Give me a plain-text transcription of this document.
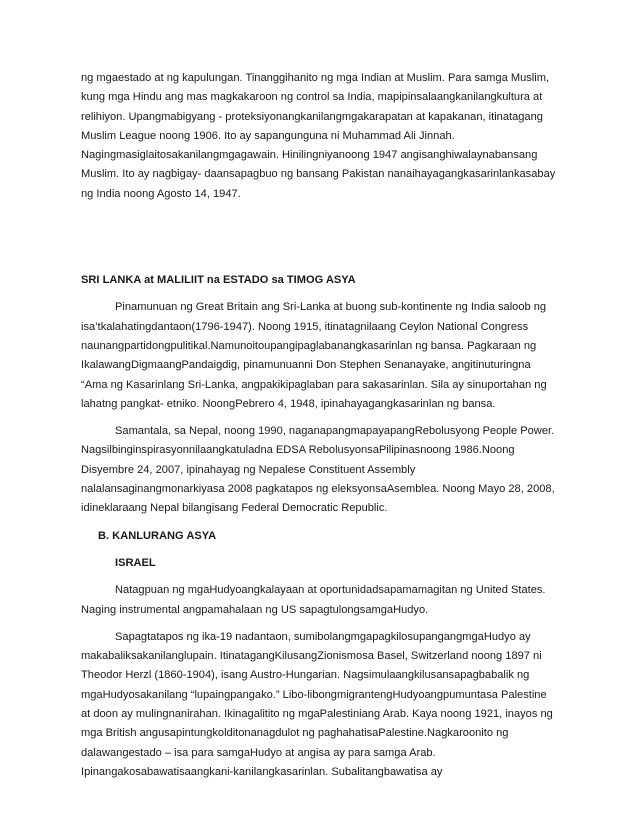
ng mgaestado at ng kapulungan. Tinanggihanito ng mga Indian at Muslim. Para samga Muslim,
kung mga Hindu ang mas magkakaroon ng control sa India, mapipinsalaangkanilangkultura at
relihiyon. Upangmabigyang - proteksiyonangkanilangmgakarapatan at kapakanan, itinatagang
Muslim League noong 1906. Ito ay sapangunguna ni Muhammad Ali Jinnah.
Nagingmasiglaitosakanilangmgagawain. Hinilingniyanoong 1947 angisanghiwalaynabansang
Muslim. Ito ay nagbigay- daansapagbuo ng bansang Pakistan nanaihayagangkasarinlankasabay
ng India noong Agosto 14, 1947.

SRI LANKA at MALILIIT na ESTADO sa TIMOG ASYA

Pinamunuan ng Great Britain ang Sri-Lanka at buong sub-kontinente ng India saloob ng
isa’tkalahatingdantaon(1796-1947). Noong 1915, itinatagnilaang Ceylon National Congress
naunangpartidongpulitikal.Namunoitoupangipaglabanangkasarinlan ng bansa. Pagkaraan ng
IkalawangDigmaangPandaigdig, pinamunuanni Don Stephen Senanayake, angitinuturingna
“Ama ng Kasarinlang Sri-Lanka, angpakikipaglaban para sakasarinlan. Sila ay sinuportahan ng
lahatng pangkat- etniko. NoongPebrero 4, 1948, ipinahayagangkasarinlan ng bansa.

Samantala, sa Nepal, noong 1990, naganapangmapayapangRebolusyong People Power.
Nagsilbinginspirasyonnilaangkatuladna EDSA RebolusyonsaPilipinasnoong 1986.Noong
Disyembre 24, 2007, ipinahayag ng Nepalese Constituent Assembly
nalalansaginangmonarkiyasa 2008 pagkatapos ng eleksyonsaAsemblea. Noong Mayo 28, 2008,
idineklaraang Nepal bilangisang Federal Democratic Republic.

B. KANLURANG ASYA
ISRAEL

Natagpuan ng mgaHudyoangkalayaan at oportunidadsapamamagitan ng United States.
Naging instrumental angpamahalaan ng US sapagtulongsamgaHudyo.

Sapagtatapos ng ika-19 nadantaon, sumibolangmgapagkilosupangangmgaHudyo ay
makabaliksakanilanglupain. ItinatagangKilusangZionismosa Basel, Switzerland noong 1897 ni
Theodor Herzl (1860-1904), isang Austro-Hungarian. Nagsimulaangkilusansapagbabalik ng
mgaHudyosakanilang “lupaingpangako.” Libo-libongmigrantengHudyoangpumuntasa Palestine
at doon ay mulingnanirahan. Ikinagalitito ng mgaPalestiniang Arab. Kaya noong 1921, inayos ng
mga British angusapintungkolditonanagdulot ng paghahatisaPalestine.Nagkaroonito ng
dalawangestado – isa para samgaHudyo at angisa ay para samga Arab.
Ipinangakosabawatisaangkani-kanilangkasarinlan. Subalitangbawatisa ay
